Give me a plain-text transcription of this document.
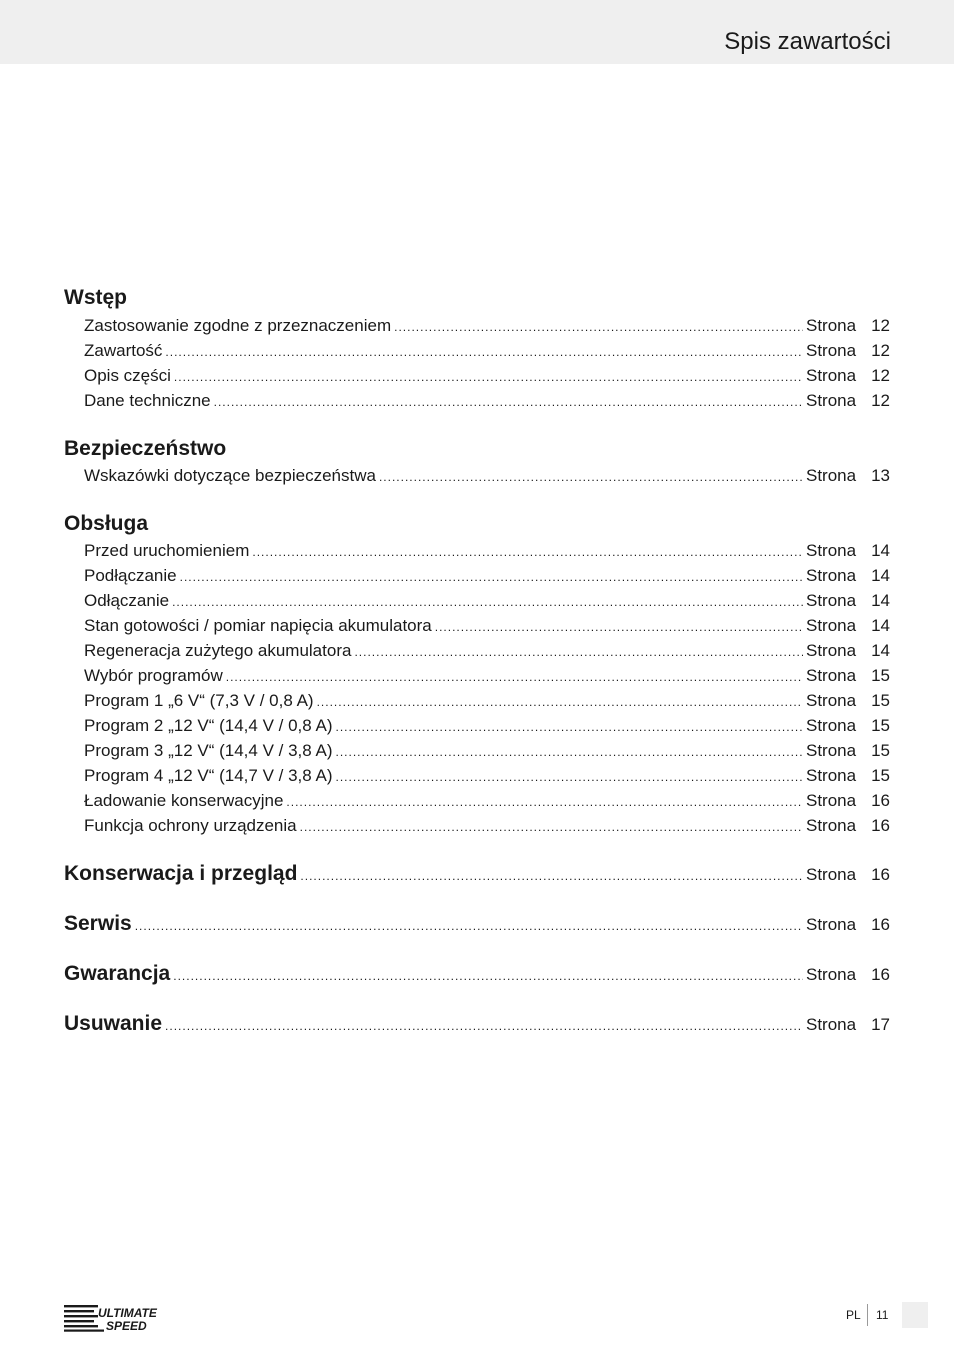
Spis zawartości
Wstęp
Zastosowanie zgodne z przeznaczeniem .....	Strona 12
Zawartość .....	Strona 12
Opis części .....	Strona 12
Dane techniczne .....	Strona 12
Bezpieczeństwo
Wskazówki dotyczące bezpieczeństwa .....	Strona 13
Obsługa
Przed uruchomieniem .....	Strona 14
Podłączanie .....	Strona 14
Odłączanie .....	Strona 14
Stan gotowości / pomiar napięcia akumulatora .....	Strona 14
Regeneracja zużytego akumulatora .....	Strona 14
Wybór programów .....	Strona 15
Program 1 „6 V“ (7,3 V / 0,8 A) .....	Strona 15
Program 2 „12 V“ (14,4 V / 0,8 A) .....	Strona 15
Program 3 „12 V“ (14,4 V / 3,8 A) .....	Strona 15
Program 4 „12 V“ (14,7 V / 3,8 A) .....	Strona 15
Ładowanie konserwacyjne .....	Strona 16
Funkcja ochrony urządzenia .....	Strona 16
Konserwacja i przegląd .....	Strona 16
Serwis .....	Strona 16
Gwarancja .....	Strona 16
Usuwanie .....	Strona 17
ULTIMATE
SPEED
PL 11
